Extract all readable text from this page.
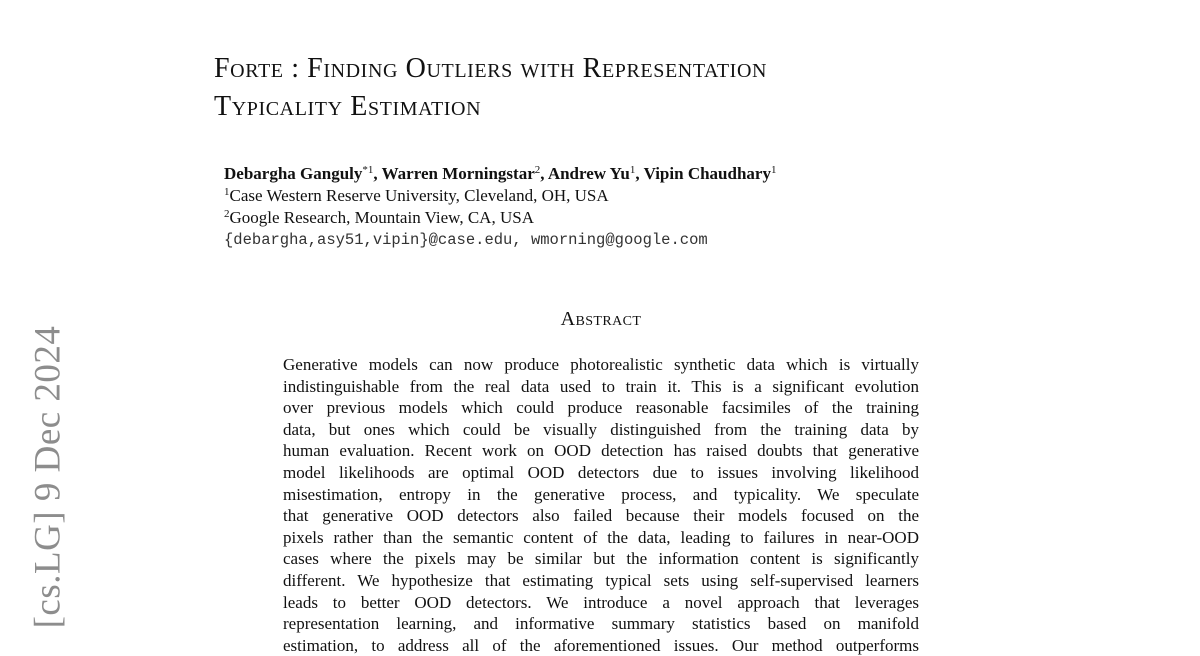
[cs.LG] 9 Dec 2024
Forte : Finding Outliers with Representation
Typicality Estimation
Debargha Ganguly$^{*1}$, Warren Morningstar$^2$, Andrew Yu$^1$, Vipin Chaudhary$^1$
$^1$Case Western Reserve University, Cleveland, OH, USA
$^2$Google Research, Mountain View, CA, USA
{debargha,asy51,vipin}@case.edu, wmorning@google.com
Abstract
Generative models can now produce photorealistic synthetic data which is virtually
indistinguishable from the real data used to train it. This is a significant evolution
over previous models which could produce reasonable facsimiles of the training
data, but ones which could be visually distinguished from the training data by
human evaluation. Recent work on OOD detection has raised doubts that generative
model likelihoods are optimal OOD detectors due to issues involving likelihood
misestimation, entropy in the generative process, and typicality. We speculate
that generative OOD detectors also failed because their models focused on the
pixels rather than the semantic content of the data, leading to failures in near-OOD
cases where the pixels may be similar but the information content is significantly
different. We hypothesize that estimating typical sets using self-supervised learners
leads to better OOD detectors. We introduce a novel approach that leverages
representation learning, and informative summary statistics based on manifold
estimation, to address all of the aforementioned issues. Our method outperforms
